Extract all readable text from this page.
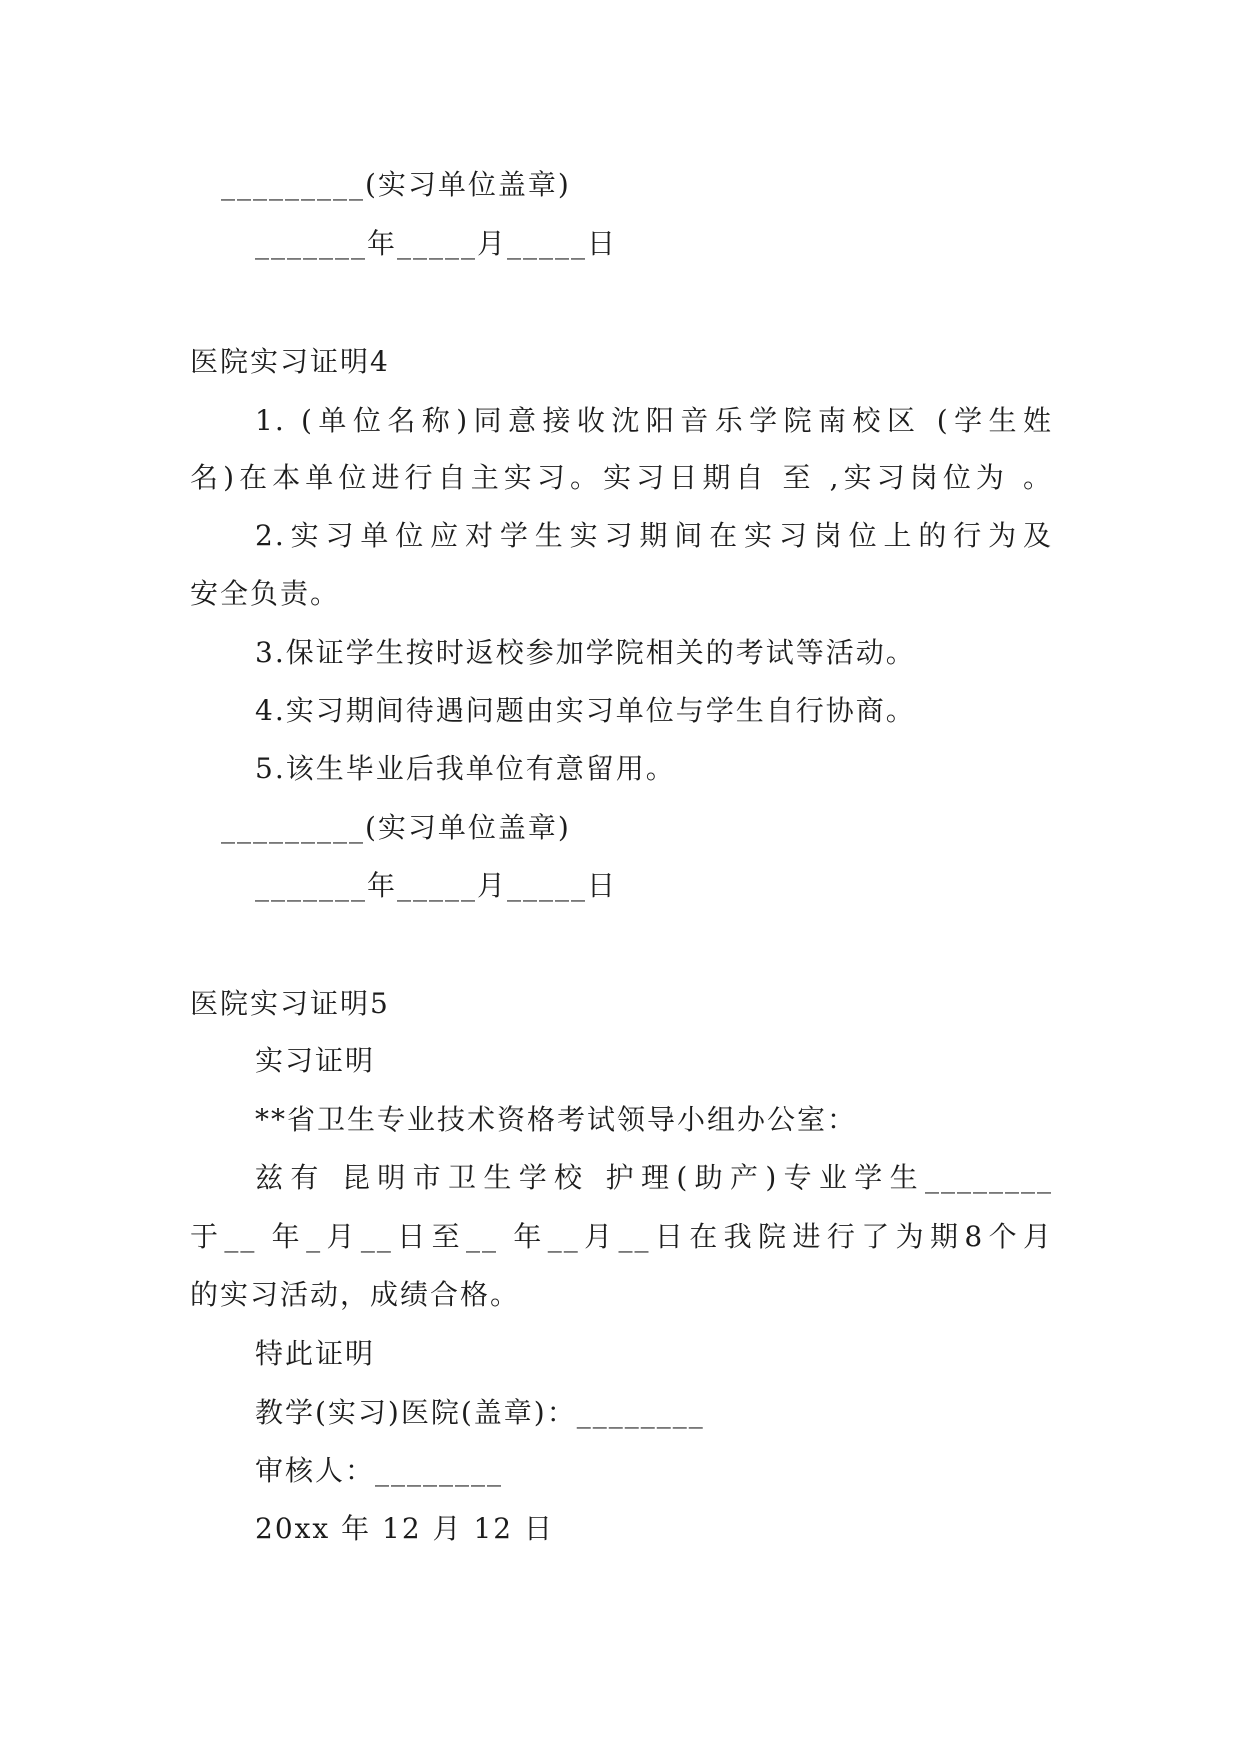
_________(实习单位盖章)
_______年_____月_____日
医院实习证明4
1. (单位名称)同意接收沈阳音乐学院南校区 (学生姓
名)在本单位进行自主实习。实习日期自 至 ,实习岗位为 。
2.实习单位应对学生实习期间在实习岗位上的行为及
安全负责。
3.保证学生按时返校参加学院相关的考试等活动。
4.实习期间待遇问题由实习单位与学生自行协商。
5.该生毕业后我单位有意留用。
_________(实习单位盖章)
_______年_____月_____日
医院实习证明5
实习证明
**省卫生专业技术资格考试领导小组办公室：
兹有 昆明市卫生学校 护理(助产)专业学生________
于__ 年_月__日至__ 年__月__日在我院进行了为期8个月
的实习活动，成绩合格。
特此证明
教学(实习)医院(盖章)：________
审核人：________
20xx 年 12 月 12 日
